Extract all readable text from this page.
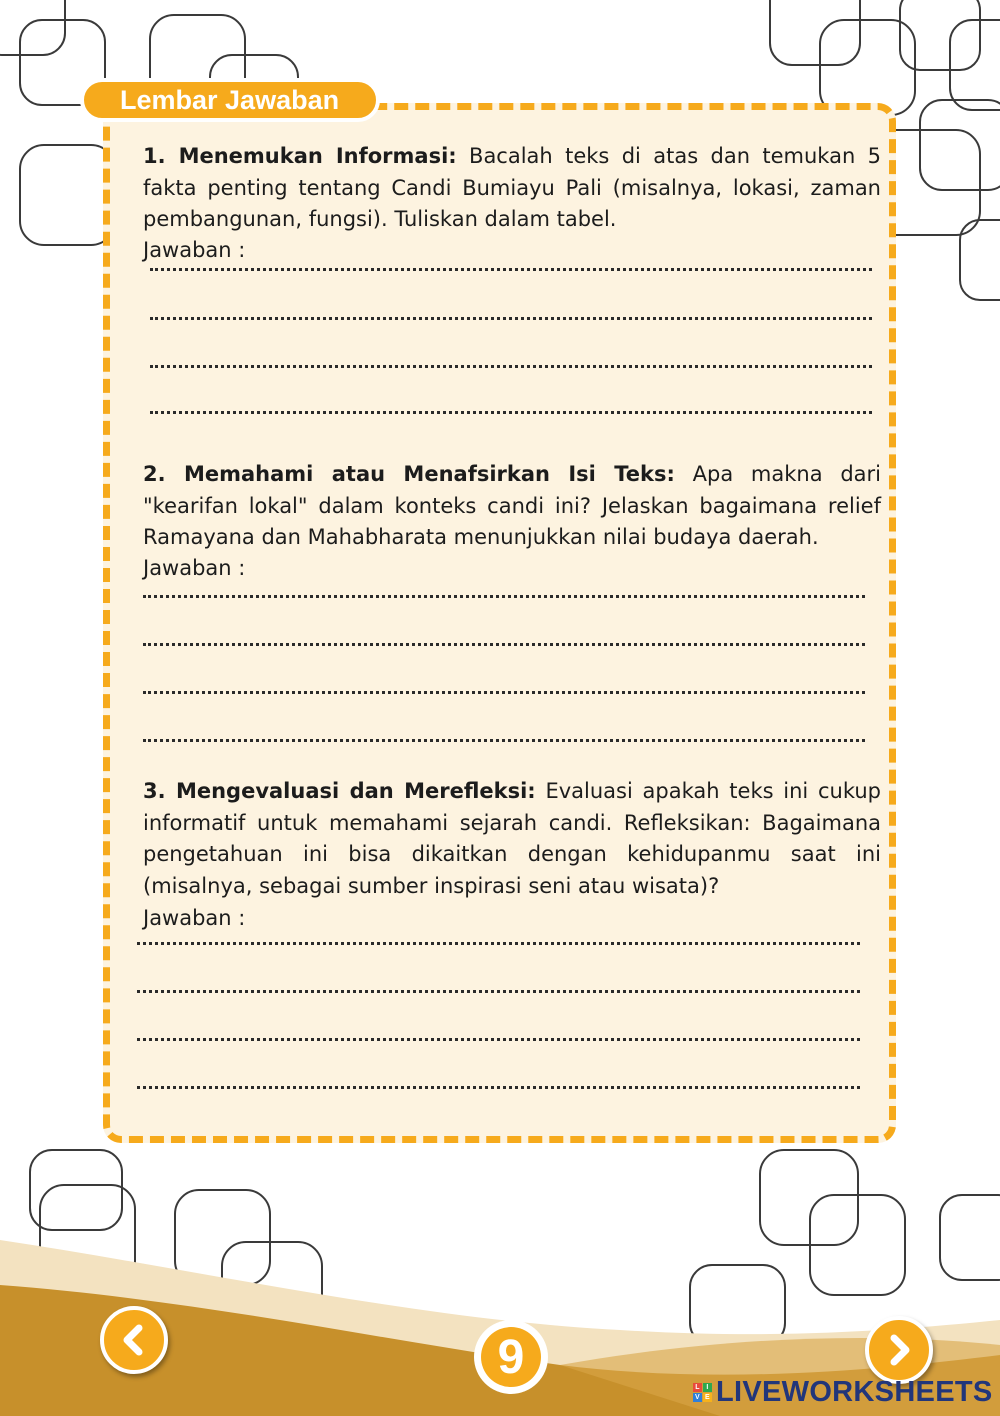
Lembar Jawaban
1. Menemukan Informasi: Bacalah teks di atas dan temukan 5 fakta penting tentang Candi Bumiayu Pali (misalnya, lokasi, zaman pembangunan, fungsi). Tuliskan dalam tabel.
Jawaban :
2. Memahami atau Menafsirkan Isi Teks: Apa makna dari "kearifan lokal" dalam konteks candi ini? Jelaskan bagaimana relief Ramayana dan Mahabharata menunjukkan nilai budaya daerah.
Jawaban :
3. Mengevaluasi dan Merefleksi: Evaluasi apakah teks ini cukup informatif untuk memahami sejarah candi. Refleksikan: Bagaimana pengetahuan ini bisa dikaitkan dengan kehidupanmu saat ini (misalnya, sebagai sumber inspirasi seni atau wisata)?
Jawaban :
9
L I
V E LIVEWORKSHEETS
